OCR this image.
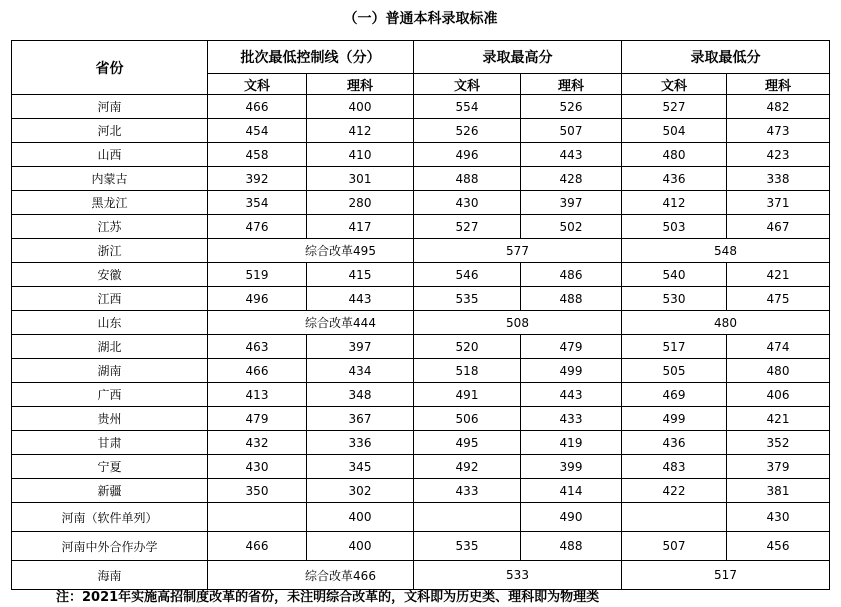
（一）普通本科录取标准
省份	批次最低控制线（分）		录取最高分		录取最低分	
	文科	理科	文科	理科	文科	理科
河南	466	400	554	526	527	482
河北	454	412	526	507	504	473
山西	458	410	496	443	480	423
内蒙古	392	301	488	428	436	338
黑龙江	354	280	430	397	412	371
江苏	476	417	527	502	503	467
浙江	综合改革495		577		548	
安徽	519	415	546	486	540	421
江西	496	443	535	488	530	475
山东	综合改革444		508		480	
湖北	463	397	520	479	517	474
湖南	466	434	518	499	505	480
广西	413	348	491	443	469	406
贵州	479	367	506	433	499	421
甘肃	432	336	495	419	436	352
宁夏	430	345	492	399	483	379
新疆	350	302	433	414	422	381
河南（软件单列）		400		490		430
河南中外合作办学	466	400	535	488	507	456
海南	综合改革466		533		517	
注：2021年实施高招制度改革的省份，未注明综合改革的，文科即为历史类、理科即为物理类
